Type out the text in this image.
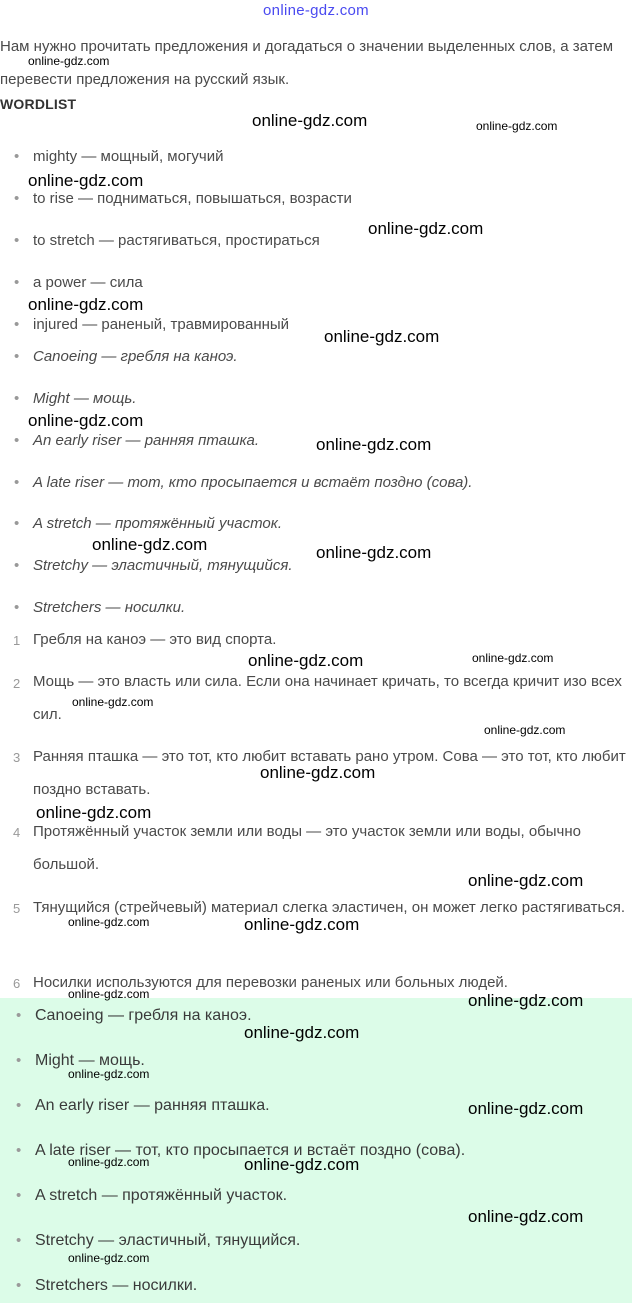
online-gdz.com
Нам нужно прочитать предложения и догадаться о значении выделенных слов, а затем перевести предложения на русский язык.
WORDLIST
• mighty — мощный, могучий
• to rise — подниматься, повышаться, возрасти
• to stretch — растягиваться, простираться
• a power — сила
• injured — раненый, травмированный
• Canoeing — гребля на каноэ.
• Might — мощь.
• An early riser — ранняя пташка.
• A late riser — тот, кто просыпается и встаёт поздно (сова).
• A stretch — протяжённый участок.
• Stretchy — эластичный, тянущийся.
• Stretchers — носилки.
1 Гребля на каноэ — это вид спорта.
2 Мощь — это власть или сила. Если она начинает кричать, то всегда кричит изо всех сил.
3 Ранняя пташка — это тот, кто любит вставать рано утром. Сова — это тот, кто любит поздно вставать.
4 Протяжённый участок земли или воды — это участок земли или воды, обычно большой.
5 Тянущийся (стрейчевый) материал слегка эластичен, он может легко растягиваться.
6 Носилки используются для перевозки раненых или больных людей.
• Canoeing — гребля на каноэ.
• Might — мощь.
• An early riser — ранняя пташка.
• A late riser — тот, кто просыпается и встаёт поздно (сова).
• A stretch — протяжённый участок.
• Stretchy — эластичный, тянущийся.
• Stretchers — носилки.
online-gdz.com
online-gdz.com	online-gdz.com
online-gdz.com
online-gdz.com
online-gdz.com
online-gdz.com
online-gdz.com
online-gdz.com
online-gdz.com	online-gdz.com
online-gdz.com	online-gdz.com
online-gdz.com
online-gdz.com
online-gdz.com
online-gdz.com
online-gdz.com
online-gdz.com	online-gdz.com
online-gdz.com	online-gdz.com
online-gdz.com
online-gdz.com
online-gdz.com
online-gdz.com	online-gdz.com
online-gdz.com
online-gdz.com
